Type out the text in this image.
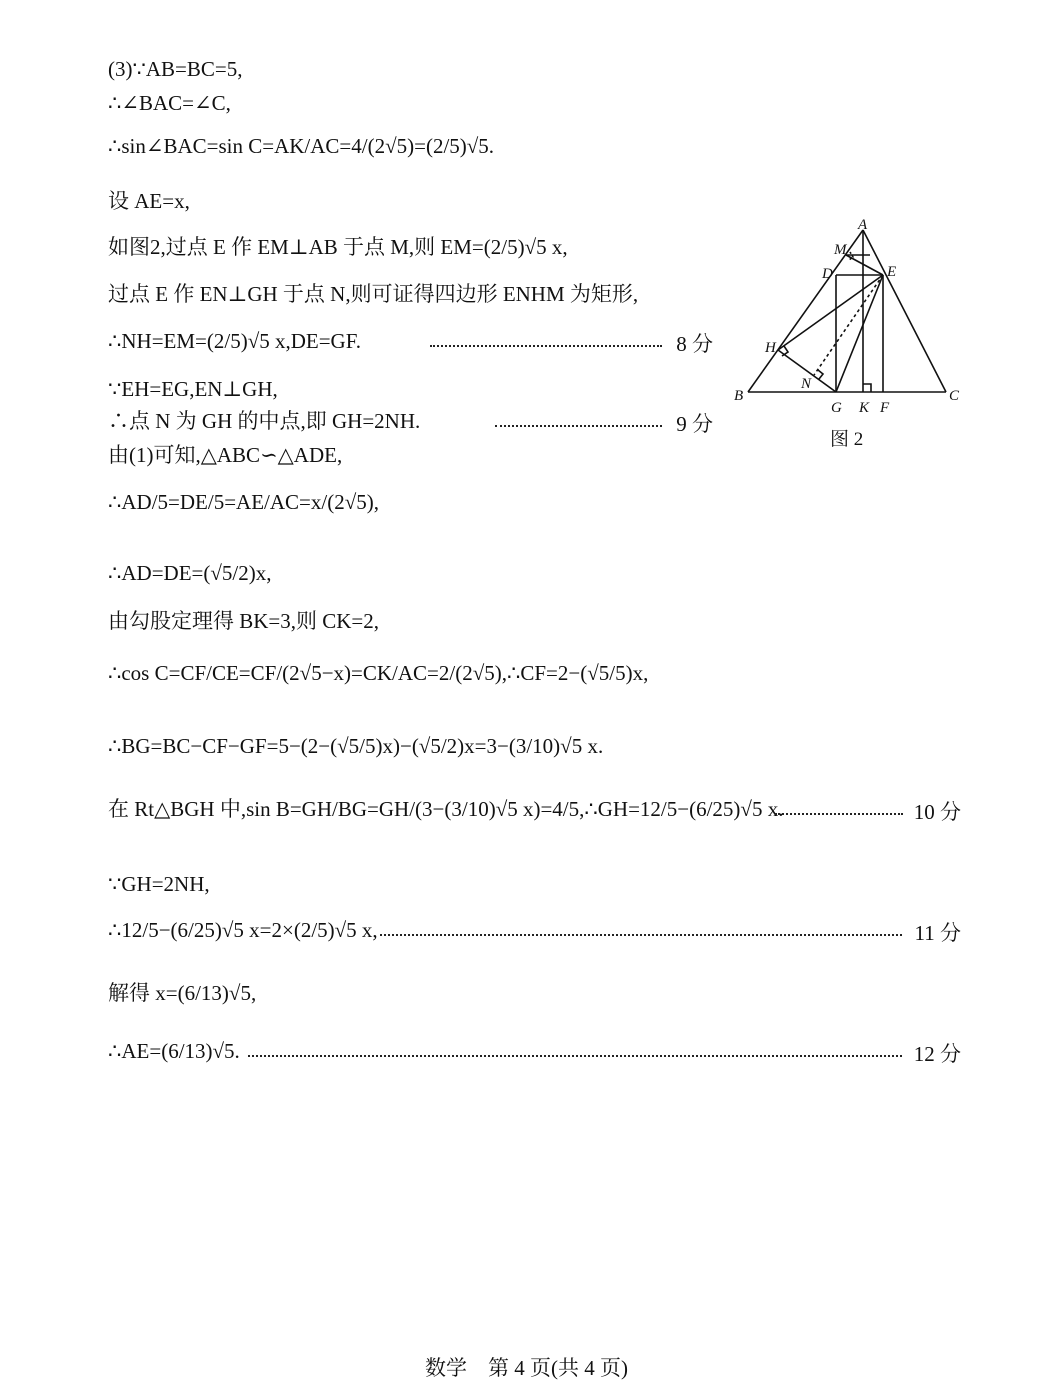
(3)∵AB=BC=5,
∴∠BAC=∠C,
∴sin∠BAC=sin C=AK/AC=4/(2√5)=(2/5)√5.
设 AE=x,
如图2,过点 E 作 EM⊥AB 于点 M,则 EM=(2/5)√5 x,
过点 E 作 EN⊥GH 于点 N,则可证得四边形 ENHM 为矩形,
∴NH=EM=(2/5)√5 x,DE=GF.	8 分
∵EH=EG,EN⊥GH,
∴点 N 为 GH 的中点,即 GH=2NH.	9 分
由(1)可知,△ABC∽△ADE,
∴AD/5=DE/5=AE/AC=x/(2√5),
∴AD=DE=(√5/2)x,
由勾股定理得 BK=3,则 CK=2,
∴cos C=CF/CE=CF/(2√5−x)=CK/AC=2/(2√5),∴CF=2−(√5/5)x,
∴BG=BC−CF−GF=5−(2−(√5/5)x)−(√5/2)x=3−(3/10)√5 x.
在 Rt△BGH 中,sin B=GH/BG=GH/(3−(3/10)√5 x)=4/5,∴GH=12/5−(6/25)√5 x.	10 分
∵GH=2NH,
∴12/5−(6/25)√5 x=2×(2/5)√5 x,	11 分
解得 x=(6/13)√5,
∴AE=(6/13)√5.	12 分
A
M
D	E
H
N
B
G K F
C
图 2
数学　第 4 页(共 4 页)
